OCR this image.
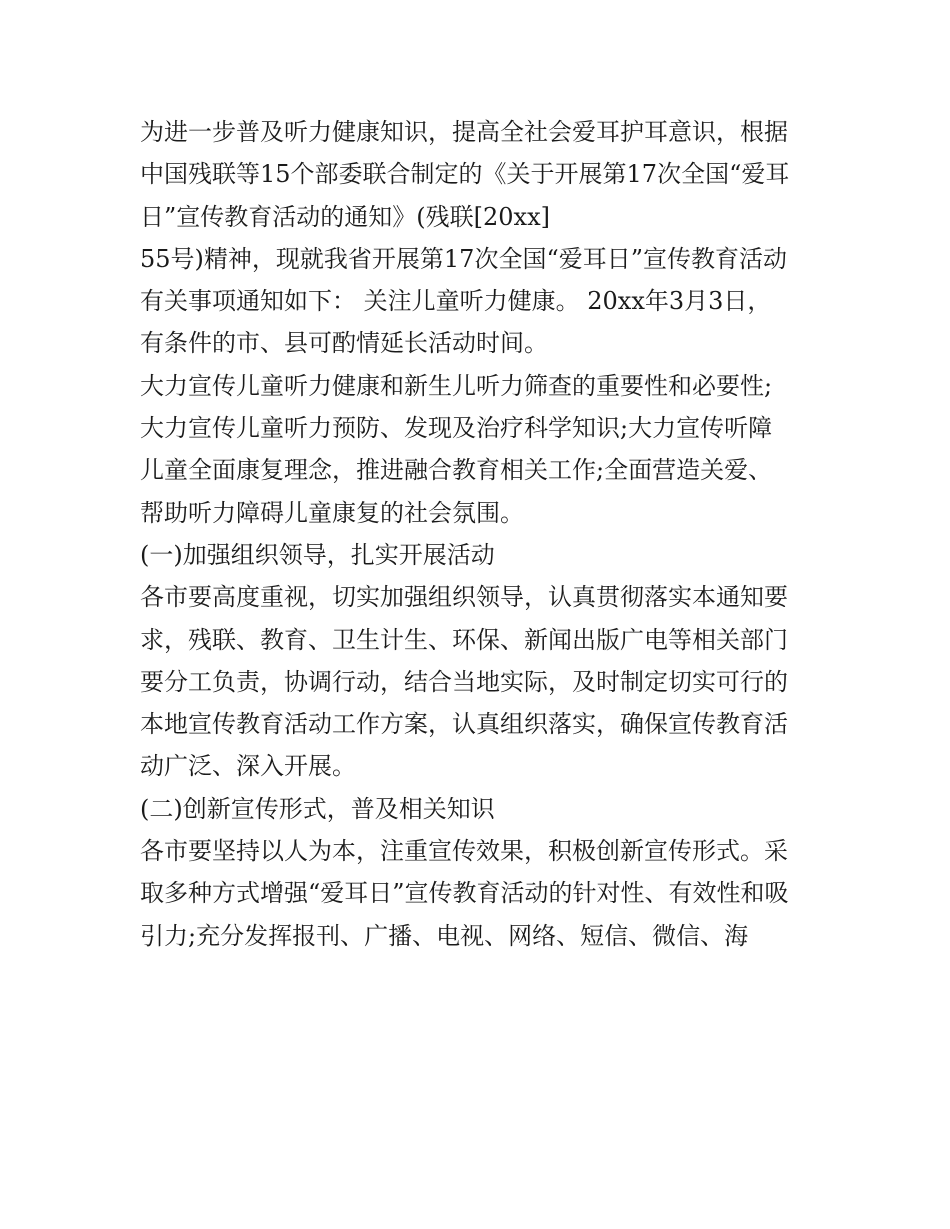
为进一步普及听力健康知识，提高全社会爱耳护耳意识，根据
中国残联等15个部委联合制定的《关于开展第17次全国“爱耳
日”宣传教育活动的通知》(残联[20xx]
55号)精神，现就我省开展第17次全国“爱耳日”宣传教育活动
有关事项通知如下： 关注儿童听力健康。 20xx年3月3日，
有条件的市、县可酌情延长活动时间。
大力宣传儿童听力健康和新生儿听力筛查的重要性和必要性;
大力宣传儿童听力预防、发现及治疗科学知识;大力宣传听障
儿童全面康复理念，推进融合教育相关工作;全面营造关爱、
帮助听力障碍儿童康复的社会氛围。
(一)加强组织领导，扎实开展活动
各市要高度重视，切实加强组织领导，认真贯彻落实本通知要
求，残联、教育、卫生计生、环保、新闻出版广电等相关部门
要分工负责，协调行动，结合当地实际，及时制定切实可行的
本地宣传教育活动工作方案，认真组织落实，确保宣传教育活
动广泛、深入开展。
(二)创新宣传形式，普及相关知识
各市要坚持以人为本，注重宣传效果，积极创新宣传形式。采
取多种方式增强“爱耳日”宣传教育活动的针对性、有效性和吸
引力;充分发挥报刊、广播、电视、网络、短信、微信、海
